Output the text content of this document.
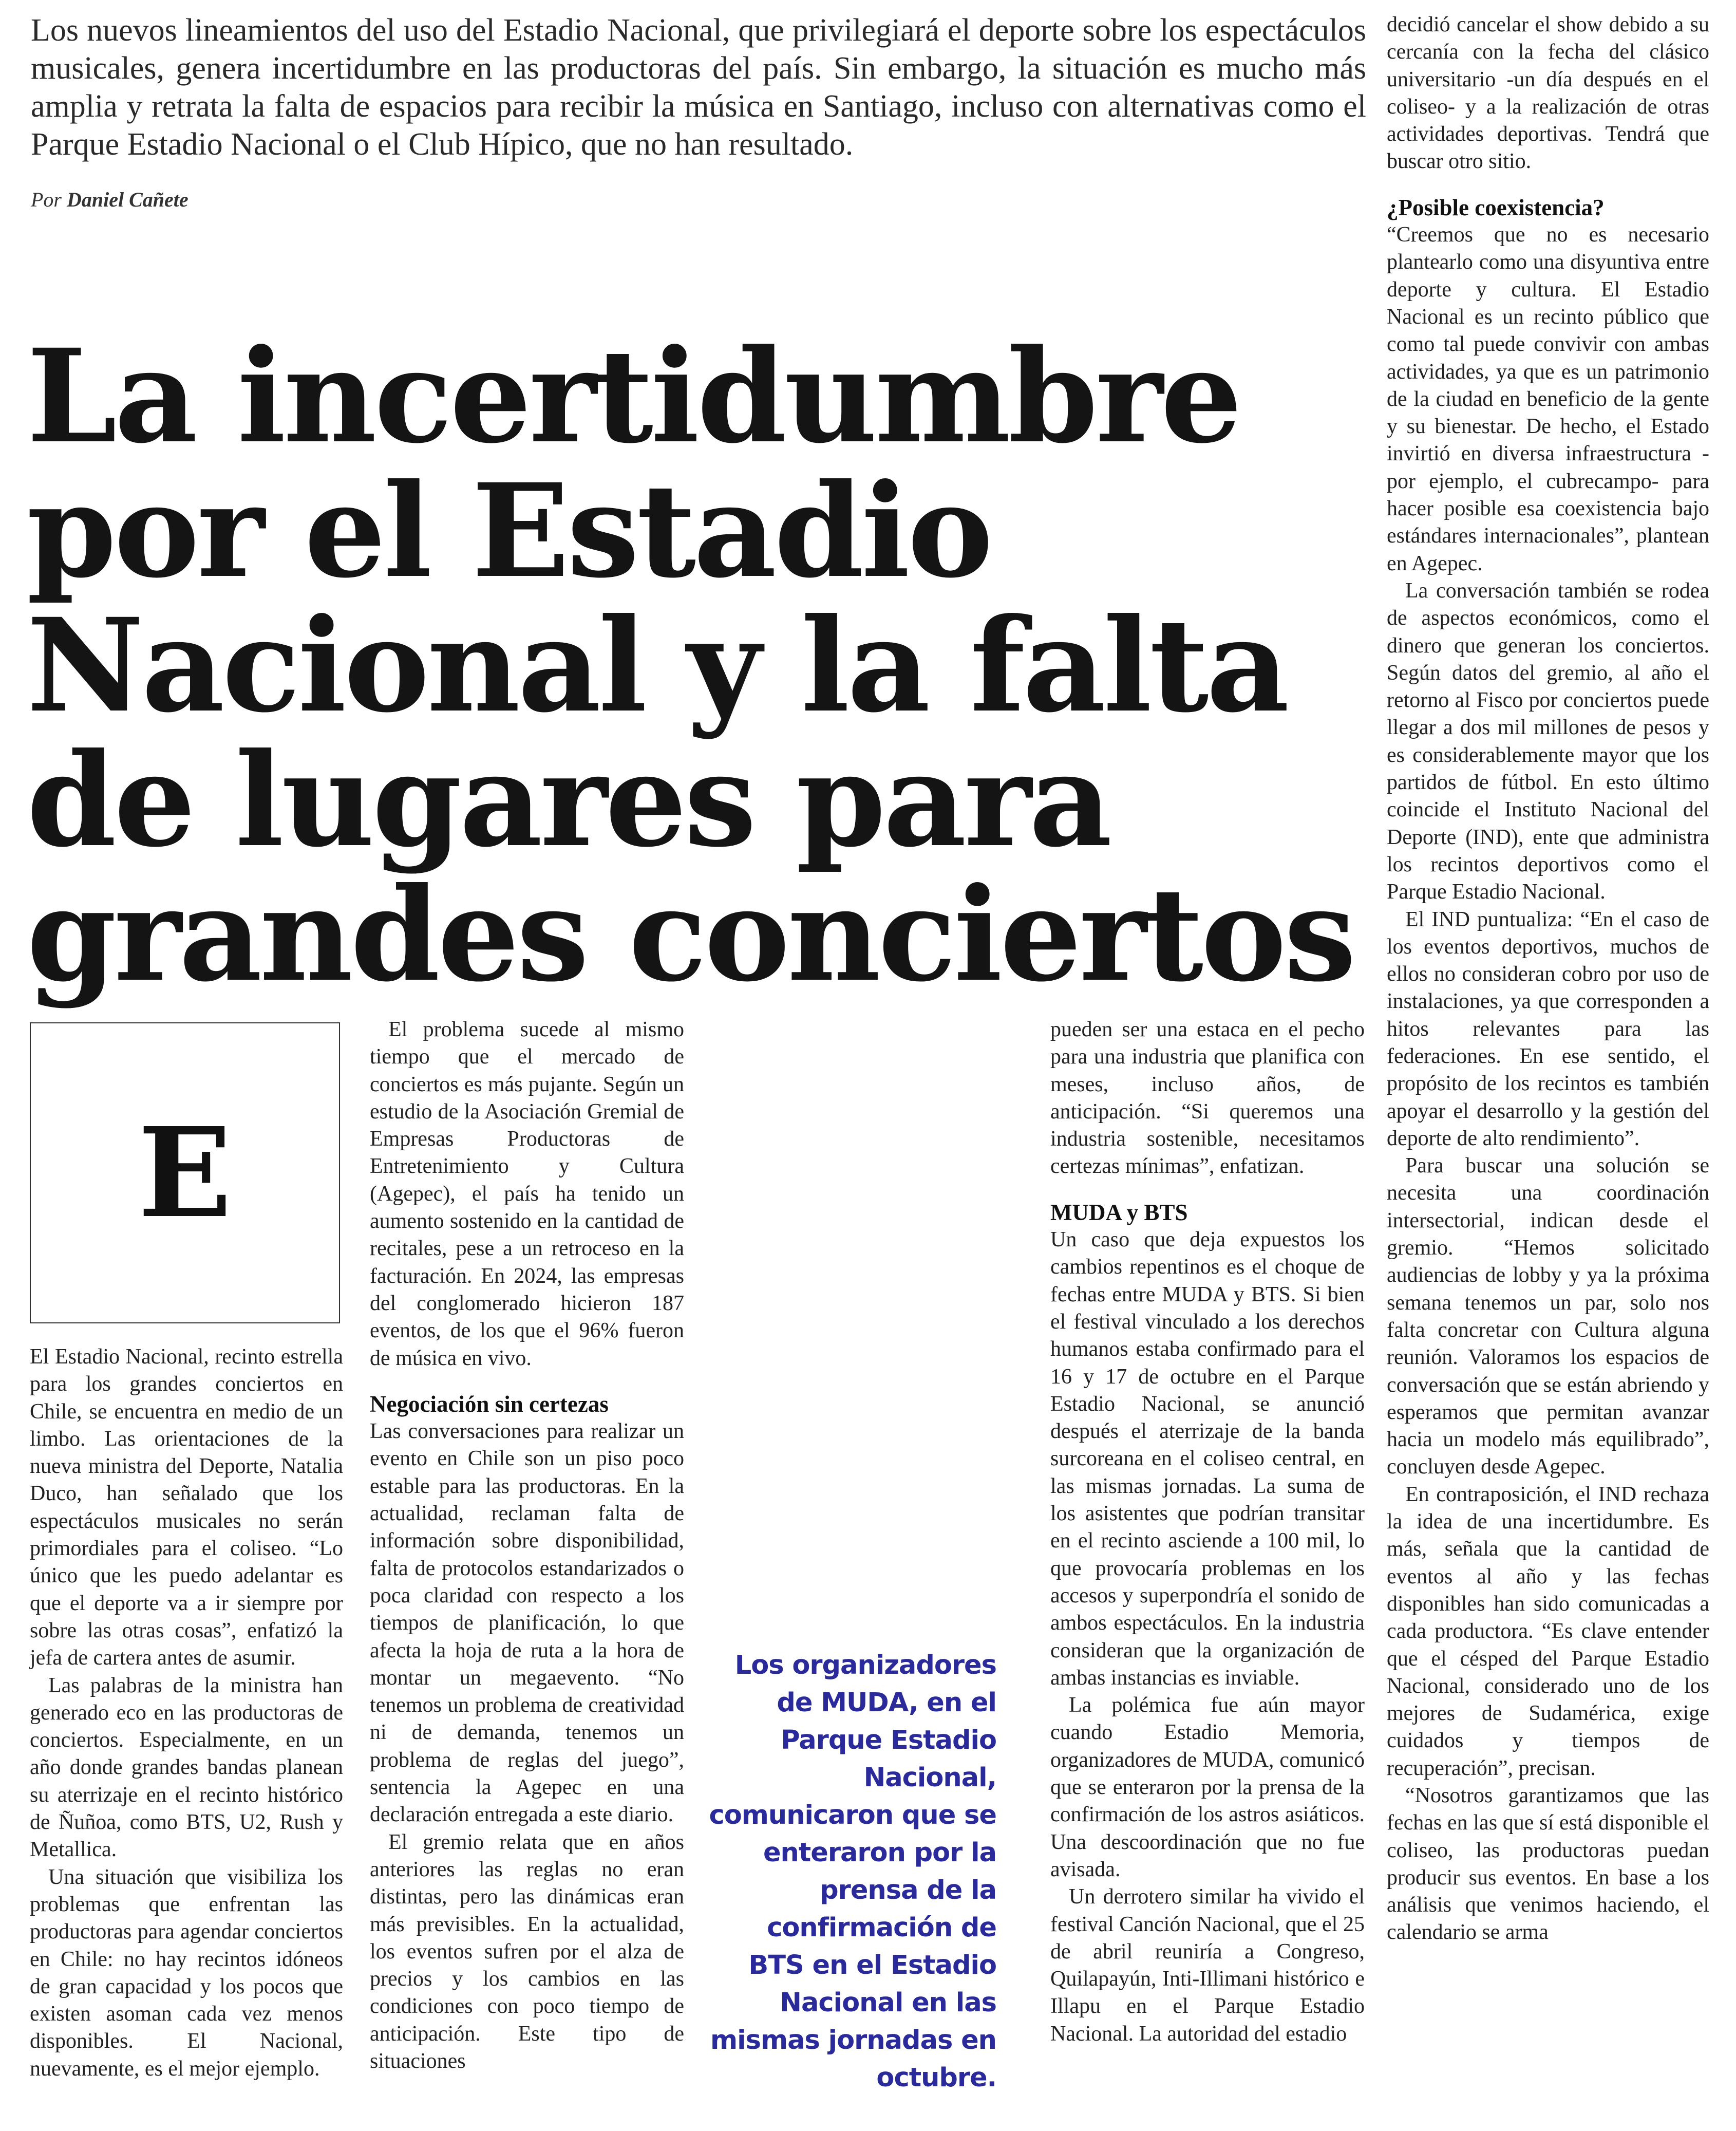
Los nuevos lineamientos del uso del Estadio Nacional, que privilegiará el deporte sobre los espectáculos musicales, genera incertidumbre en las productoras del país. Sin embargo, la situación es mucho más amplia y retrata la falta de espacios para recibir la música en Santiago, incluso con alternativas como el Parque Estadio Nacional o el Club Hípico, que no han resultado.

Por Daniel Cañete
La incertidumbre por el Estadio Nacional y la falta de lugares para grandes conciertos
E

El Estadio Nacional, recinto estrella para los grandes conciertos en Chile, se encuentra en medio de un limbo. Las orientaciones de la nueva ministra del Deporte, Natalia Duco, han señalado que los espectáculos musicales no serán primordiales para el coliseo. “Lo único que les puedo adelantar es que el deporte va a ir siempre por sobre las otras cosas”, enfatizó la jefa de cartera antes de asumir.

Las palabras de la ministra han generado eco en las productoras de conciertos. Especialmente, en un año donde grandes bandas planean su aterrizaje en el recinto histórico de Ñuñoa, como BTS, U2, Rush y Metallica.

Una situación que visibiliza los problemas que enfrentan las productoras para agendar conciertos en Chile: no hay recintos idóneos de gran capacidad y los pocos que existen asoman cada vez menos disponibles. El Nacional, nuevamente, es el mejor ejemplo.

El problema sucede al mismo tiempo que el mercado de conciertos es más pujante. Según un estudio de la Asociación Gremial de Empresas Productoras de Entretenimiento y Cultura (Agepec), el país ha tenido un aumento sostenido en la cantidad de recitales, pese a un retroceso en la facturación. En 2024, las empresas del conglomerado hicieron 187 eventos, de los que el 96% fueron de música en vivo.

Negociación sin certezas

Las conversaciones para realizar un evento en Chile son un piso poco estable para las productoras. En la actualidad, reclaman falta de información sobre disponibilidad, falta de protocolos estandarizados o poca claridad con respecto a los tiempos de planificación, lo que afecta la hoja de ruta a la hora de montar un megaevento. “No tenemos un problema de creatividad ni de demanda, tenemos un problema de reglas del juego”, sentencia la Agepec en una declaración entregada a este diario.

El gremio relata que en años anteriores las reglas no eran distintas, pero las dinámicas eran más previsibles. En la actualidad, los eventos sufren por el alza de precios y los cambios en las condiciones con poco tiempo de anticipación. Este tipo de situaciones

Los organizadores de MUDA, en el Parque Estadio Nacional, comunicaron que se enteraron por la prensa de la confirmación de BTS en el Estadio Nacional en las mismas jornadas en octubre.

pueden ser una estaca en el pecho para una industria que planifica con meses, incluso años, de anticipación. “Si queremos una industria sostenible, necesitamos certezas mínimas”, enfatizan.

MUDA y BTS

Un caso que deja expuestos los cambios repentinos es el choque de fechas entre MUDA y BTS. Si bien el festival vinculado a los derechos humanos estaba confirmado para el 16 y 17 de octubre en el Parque Estadio Nacional, se anunció después el aterrizaje de la banda surcoreana en el coliseo central, en las mismas jornadas. La suma de los asistentes que podrían transitar en el recinto asciende a 100 mil, lo que provocaría problemas en los accesos y superpondría el sonido de ambos espectáculos. En la industria consideran que la organización de ambas instancias es inviable.

La polémica fue aún mayor cuando Estadio Memoria, organizadores de MUDA, comunicó que se enteraron por la prensa de la confirmación de los astros asiáticos. Una descoordinación que no fue avisada.

Un derrotero similar ha vivido el festival Canción Nacional, que el 25 de abril reuniría a Congreso, Quilapayún, Inti-Illimani histórico e Illapu en el Parque Estadio Nacional. La autoridad del estadio

decidió cancelar el show debido a su cercanía con la fecha del clásico universitario -un día después en el coliseo- y a la realización de otras actividades deportivas. Tendrá que buscar otro sitio.

¿Posible coexistencia?

“Creemos que no es necesario plantearlo como una disyuntiva entre deporte y cultura. El Estadio Nacional es un recinto público que como tal puede convivir con ambas actividades, ya que es un patrimonio de la ciudad en beneficio de la gente y su bienestar. De hecho, el Estado invirtió en diversa infraestructura -por ejemplo, el cubrecampo- para hacer posible esa coexistencia bajo estándares internacionales”, plantean en Agepec.

La conversación también se rodea de aspectos económicos, como el dinero que generan los conciertos. Según datos del gremio, al año el retorno al Fisco por conciertos puede llegar a dos mil millones de pesos y es considerablemente mayor que los partidos de fútbol. En esto último coincide el Instituto Nacional del Deporte (IND), ente que administra los recintos deportivos como el Parque Estadio Nacional.

El IND puntualiza: “En el caso de los eventos deportivos, muchos de ellos no consideran cobro por uso de instalaciones, ya que corresponden a hitos relevantes para las federaciones. En ese sentido, el propósito de los recintos es también apoyar el desarrollo y la gestión del deporte de alto rendimiento”.

Para buscar una solución se necesita una coordinación intersectorial, indican desde el gremio. “Hemos solicitado audiencias de lobby y ya la próxima semana tenemos un par, solo nos falta concretar con Cultura alguna reunión. Valoramos los espacios de conversación que se están abriendo y esperamos que permitan avanzar hacia un modelo más equilibrado”, concluyen desde Agepec.

En contraposición, el IND rechaza la idea de una incertidumbre. Es más, señala que la cantidad de eventos al año y las fechas disponibles han sido comunicadas a cada productora. “Es clave entender que el césped del Parque Estadio Nacional, considerado uno de los mejores de Sudamérica, exige cuidados y tiempos de recuperación”, precisan.

“Nosotros garantizamos que las fechas en las que sí está disponible el coliseo, las productoras puedan producir sus eventos. En base a los análisis que venimos haciendo, el calendario se arma
